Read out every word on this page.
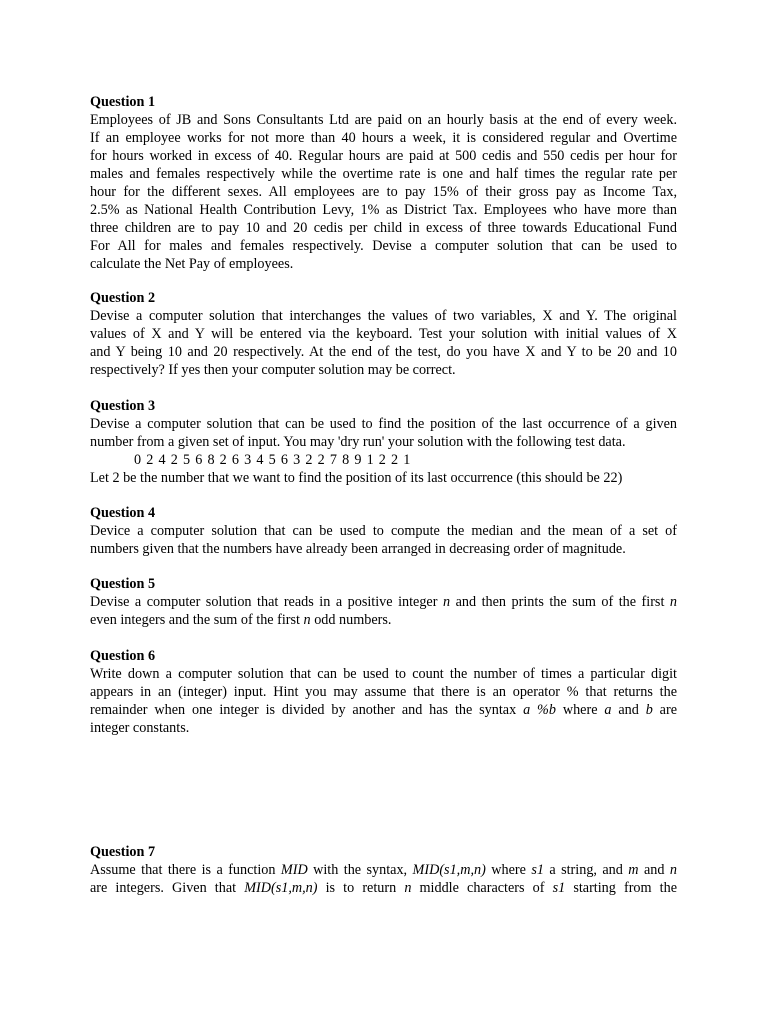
Question 1
Employees of JB and Sons Consultants Ltd are paid on an hourly basis at the end of every week.
If an employee works for not more than 40 hours a week, it is considered regular and Overtime
for hours worked in excess of 40. Regular hours are paid at 500 cedis and 550 cedis per hour for
males and females respectively while the overtime rate is one and half times the regular rate per
hour for the different sexes. All employees are to pay 15% of their gross pay as Income Tax,
2.5% as National Health Contribution Levy, 1% as District Tax. Employees who have more than
three children are to pay 10 and 20 cedis per child in excess of three towards Educational Fund
For All for males and females respectively. Devise a computer solution that can be used to
calculate the Net Pay of employees.
Question 2
Devise a computer solution that interchanges the values of two variables, X and Y. The original
values of X and Y will be entered via the keyboard. Test your solution with initial values of X
and Y being 10 and 20 respectively. At the end of the test, do you have X and Y to be 20 and 10
respectively? If yes then your computer solution may be correct.
Question 3
Devise a computer solution that can be used to find the position of the last occurrence of a given
number from a given set of input. You may 'dry run' your solution with the following test data.
0 2 4 2 5 6 8 2 6 3 4 5 6 3 2 2 7 8 9 1 2 2 1
Let 2 be the number that we want to find the position of its last occurrence (this should be 22)
Question 4
Device a computer solution that can be used to compute the median and the mean of a set of
numbers given that the numbers have already been arranged in decreasing order of magnitude.
Question 5
Devise a computer solution that reads in a positive integer n and then prints the sum of the first n
even integers and the sum of the first n odd numbers.
Question 6
Write down a computer solution that can be used to count the number of times a particular digit
appears in an (integer) input. Hint you may assume that there is an operator % that returns the
remainder when one integer is divided by another and has the syntax a %b where a and b are
integer constants.
Question 7
Assume that there is a function MID with the syntax, MID(s1,m,n) where s1 a string, and m and n
are integers. Given that MID(s1,m,n) is to return n middle characters of s1 starting from the
